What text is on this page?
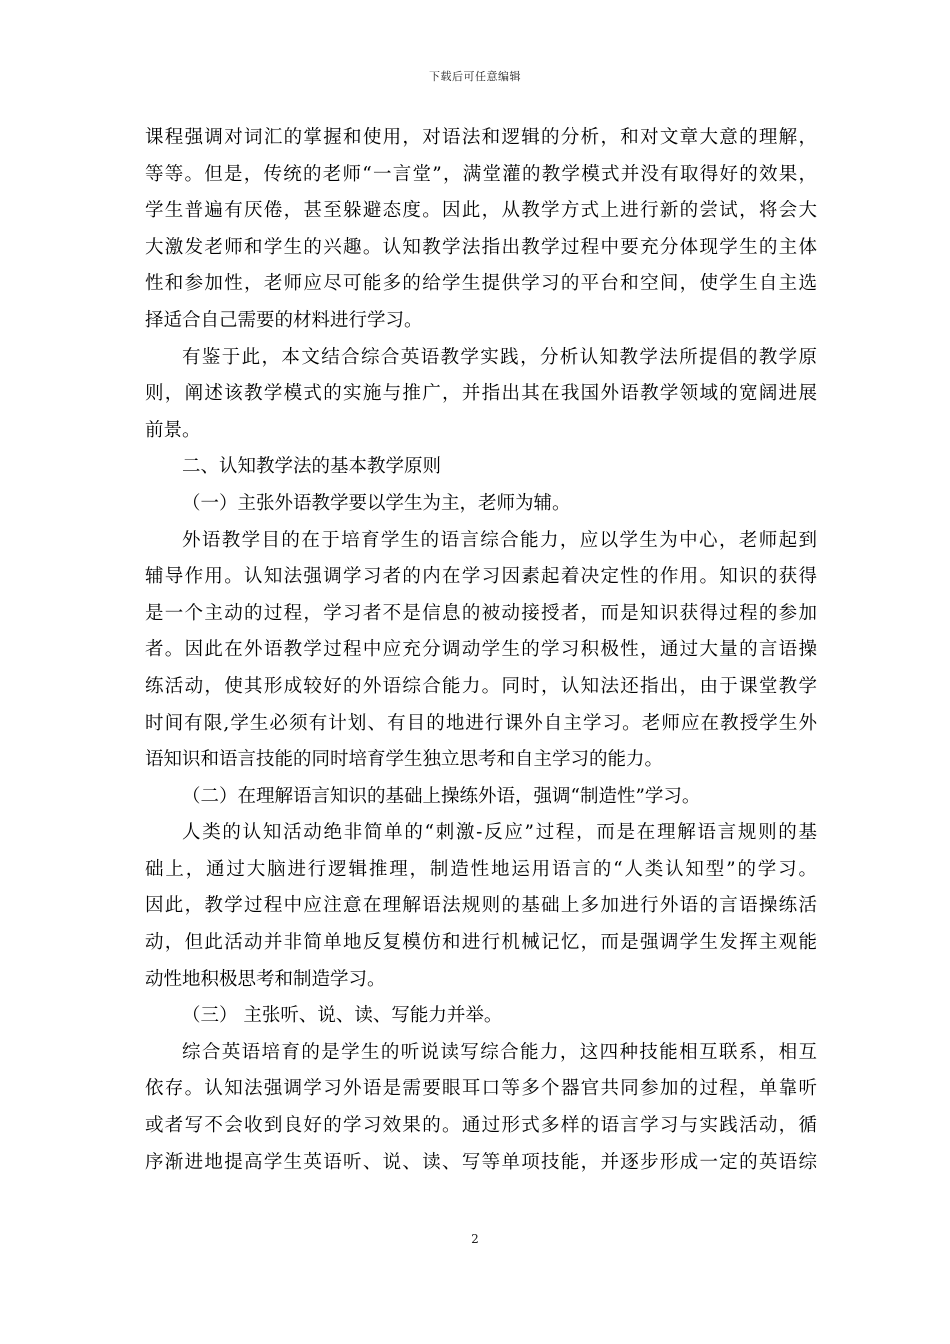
下载后可任意编辑
课程强调对词汇的掌握和使用，对语法和逻辑的分析，和对文章大意的理解，
等等。但是，传统的老师“一言堂”，满堂灌的教学模式并没有取得好的效果，
学生普遍有厌倦，甚至躲避态度。因此，从教学方式上进行新的尝试，将会大
大激发老师和学生的兴趣。认知教学法指出教学过程中要充分体现学生的主体
性和参加性，老师应尽可能多的给学生提供学习的平台和空间，使学生自主选
择适合自己需要的材料进行学习。
有鉴于此，本文结合综合英语教学实践，分析认知教学法所提倡的教学原
则，阐述该教学模式的实施与推广，并指出其在我国外语教学领域的宽阔进展
前景。
二、认知教学法的基本教学原则
（一）主张外语教学要以学生为主，老师为辅。
外语教学目的在于培育学生的语言综合能力，应以学生为中心，老师起到
辅导作用。认知法强调学习者的内在学习因素起着决定性的作用。知识的获得
是一个主动的过程，学习者不是信息的被动接授者，而是知识获得过程的参加
者。因此在外语教学过程中应充分调动学生的学习积极性，通过大量的言语操
练活动，使其形成较好的外语综合能力。同时，认知法还指出，由于课堂教学
时间有限,学生必须有计划、有目的地进行课外自主学习。老师应在教授学生外
语知识和语言技能的同时培育学生独立思考和自主学习的能力。
（二）在理解语言知识的基础上操练外语，强调“制造性”学习。
人类的认知活动绝非简单的“刺激-反应”过程，而是在理解语言规则的基
础上，通过大脑进行逻辑推理，制造性地运用语言的“人类认知型”的学习。
因此，教学过程中应注意在理解语法规则的基础上多加进行外语的言语操练活
动，但此活动并非简单地反复模仿和进行机械记忆，而是强调学生发挥主观能
动性地积极思考和制造学习。
（三） 主张听、说、读、写能力并举。
综合英语培育的是学生的听说读写综合能力，这四种技能相互联系，相互
依存。认知法强调学习外语是需要眼耳口等多个器官共同参加的过程，单靠听
或者写不会收到良好的学习效果的。通过形式多样的语言学习与实践活动，循
序渐进地提高学生英语听、说、读、写等单项技能，并逐步形成一定的英语综
2
